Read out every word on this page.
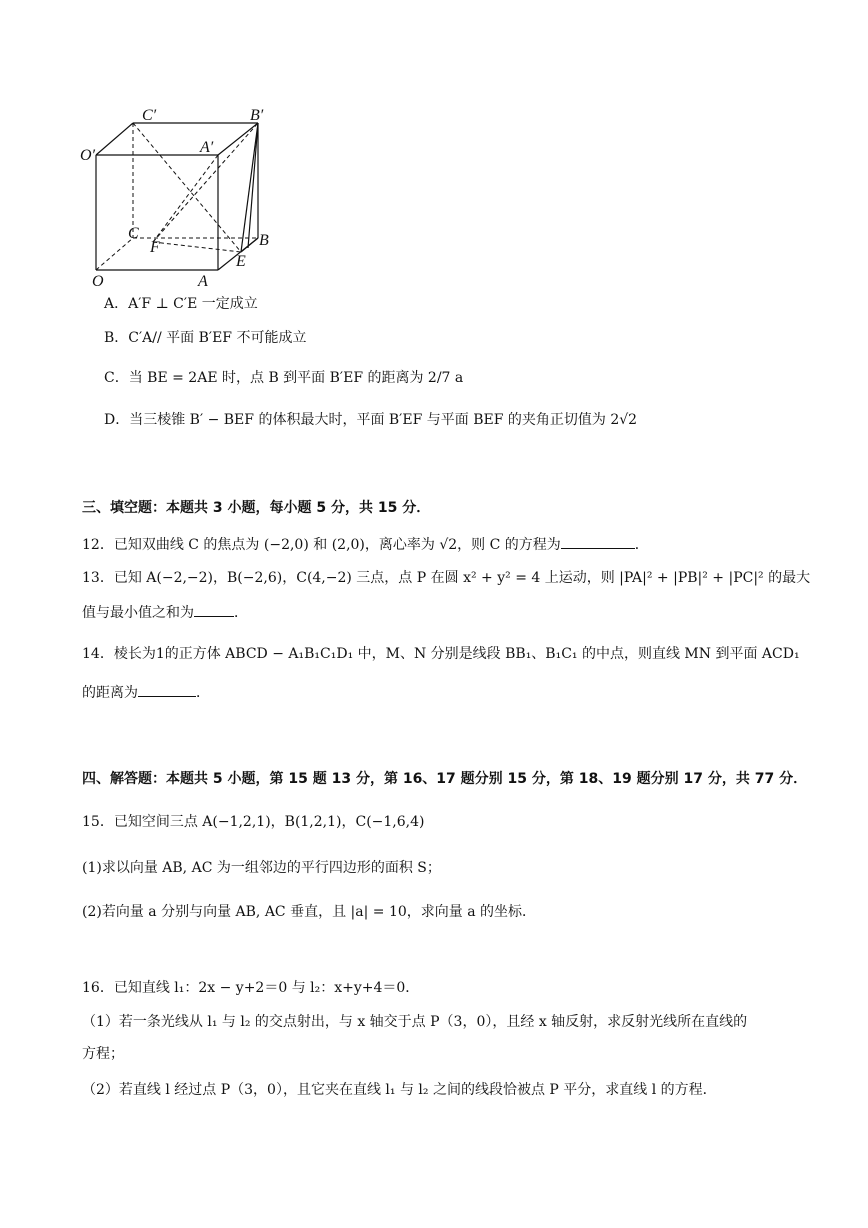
C′	B′
O′	A′
C
F	B
E
O	A
A．A′F ⊥ C′E 一定成立
B．C′A// 平面 B′EF 不可能成立
C．当 BE = 2AE 时，点 B 到平面 B′EF 的距离为 2/7 a
D．当三棱锥 B′ − BEF 的体积最大时，平面 B′EF 与平面 BEF 的夹角正切值为 2√2
三、填空题：本题共 3 小题，每小题 5 分，共 15 分．
12．已知双曲线 C 的焦点为 (−2,0) 和 (2,0)，离心率为 √2，则 C 的方程为	．
13．已知 A(−2,−2)，B(−2,6)，C(4,−2) 三点，点 P 在圆 x² + y² = 4 上运动，则 |PA|² + |PB|² + |PC|² 的最大
值与最小值之和为	．
14．棱长为1的正方体 ABCD − A₁B₁C₁D₁ 中，M、N 分别是线段 BB₁、B₁C₁ 的中点，则直线 MN 到平面 ACD₁
的距离为	．
四、解答题：本题共 5 小题，第 15 题 13 分，第 16、17 题分别 15 分，第 18、19 题分别 17 分，共 77 分．
15．已知空间三点 A(−1,2,1)，B(1,2,1)，C(−1,6,4)
(1)求以向量 AB, AC 为一组邻边的平行四边形的面积 S；
(2)若向量 a 分别与向量 AB, AC 垂直，且 |a| = 10，求向量 a 的坐标．
16．已知直线 l₁：2x − y+2＝0 与 l₂：x+y+4＝0．
（1）若一条光线从 l₁ 与 l₂ 的交点射出，与 x 轴交于点 P（3，0），且经 x 轴反射，求反射光线所在直线的
方程；
（2）若直线 l 经过点 P（3，0），且它夹在直线 l₁ 与 l₂ 之间的线段恰被点 P 平分，求直线 l 的方程．
